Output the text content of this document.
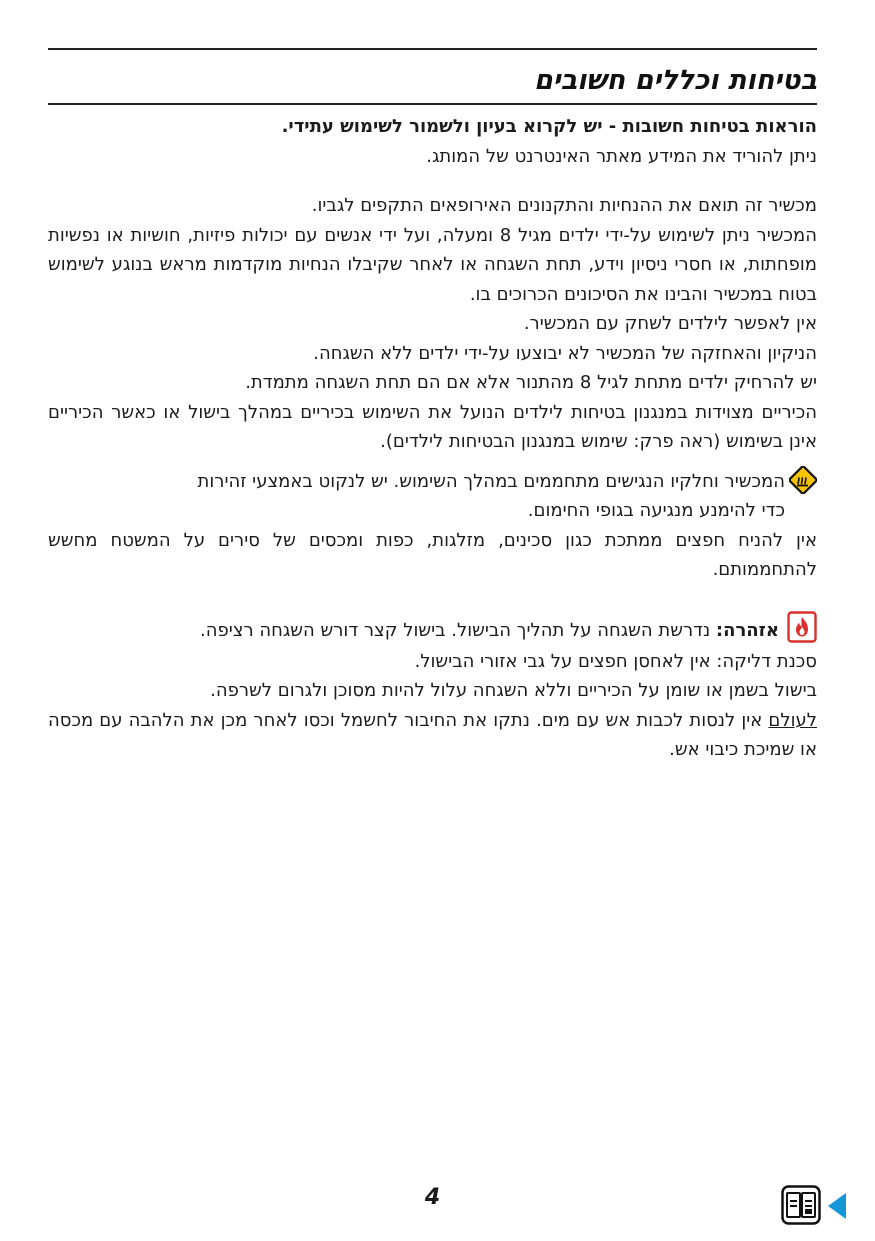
בטיחות וכללים חשובים

הוראות בטיחות חשובות - יש לקרוא בעיון ולשמור לשימוש עתידי.

ניתן להוריד את המידע מאתר האינטרנט של המותג.

מכשיר זה תואם את ההנחיות והתקנונים האירופאים התקפים לגביו.

המכשיר ניתן לשימוש על-ידי ילדים מגיל 8 ומעלה, ועל ידי אנשים עם יכולות פיזיות, חושיות או נפשיות מופחתות, או חסרי ניסיון וידע, תחת השגחה או לאחר שקיבלו הנחיות מוקדמות מראש בנוגע לשימוש בטוח במכשיר והבינו את הסיכונים הכרוכים בו.

אין לאפשר לילדים לשחק עם המכשיר.

הניקיון והאחזקה של המכשיר לא יבוצעו על-ידי ילדים ללא השגחה.

יש להרחיק ילדים מתחת לגיל 8 מהתנור אלא אם הם תחת השגחה מתמדת.

הכיריים מצוידות במנגנון בטיחות לילדים הנועל את השימוש בכיריים במהלך בישול או כאשר הכיריים אינן בשימוש (ראה פרק: שימוש במנגנון הבטיחות לילדים).

המכשיר וחלקיו הנגישים מתחממים במהלך השימוש. יש לנקוט באמצעי זהירות

כדי להימנע מנגיעה בגופי החימום.

אין להניח חפצים ממתכת כגון סכינים, מזלגות, כפות ומכסים של סירים על המשטח מחשש להתחממותם.

אזהרה: נדרשת השגחה על תהליך הבישול. בישול קצר דורש השגחה רציפה.

סכנת דליקה: אין לאחסן חפצים על גבי אזורי הבישול.

בישול בשמן או שומן על הכיריים וללא השגחה עלול להיות מסוכן ולגרום לשרפה.

לעולם אין לנסות לכבות אש עם מים. נתקו את החיבור לחשמל וכסו לאחר מכן את הלהבה עם מכסה או שמיכת כיבוי אש.

4
